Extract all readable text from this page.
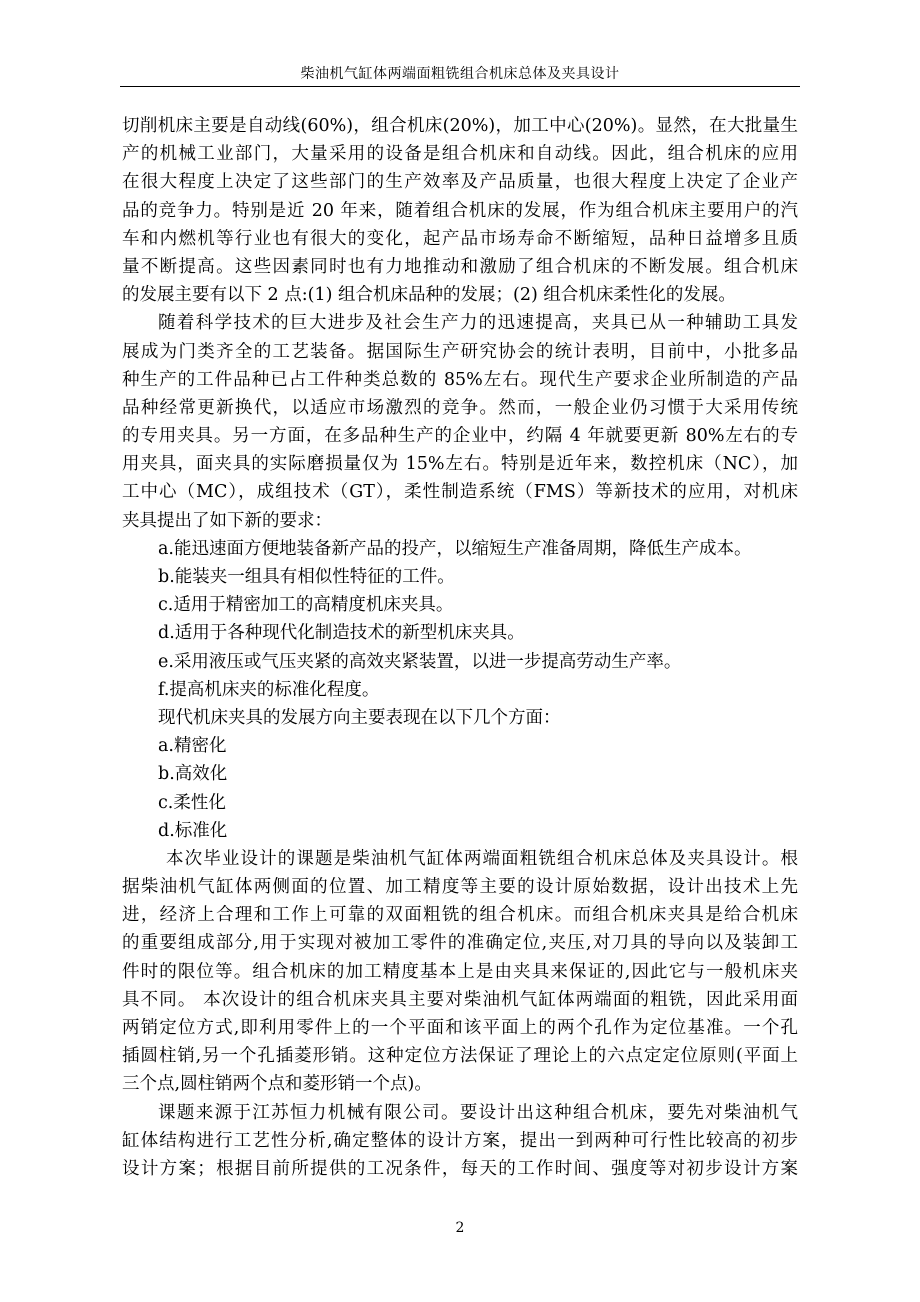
柴油机气缸体两端面粗铣组合机床总体及夹具设计
切削机床主要是自动线(60%)，组合机床(20%)，加工中心(20%)。显然，在大批量生
产的机械工业部门，大量采用的设备是组合机床和自动线。因此，组合机床的应用
在很大程度上决定了这些部门的生产效率及产品质量，也很大程度上决定了企业产
品的竞争力。特别是近 20 年来，随着组合机床的发展，作为组合机床主要用户的汽
车和内燃机等行业也有很大的变化，起产品市场寿命不断缩短，品种日益增多且质
量不断提高。这些因素同时也有力地推动和激励了组合机床的不断发展。组合机床
的发展主要有以下 2 点:(1) 组合机床品种的发展；(2) 组合机床柔性化的发展。
随着科学技术的巨大进步及社会生产力的迅速提高，夹具已从一种辅助工具发
展成为门类齐全的工艺装备。据国际生产研究协会的统计表明，目前中，小批多品
种生产的工件品种已占工件种类总数的 85%左右。现代生产要求企业所制造的产品
品种经常更新换代，以适应市场激烈的竞争。然而，一般企业仍习惯于大采用传统
的专用夹具。另一方面，在多品种生产的企业中，约隔 4 年就要更新 80%左右的专
用夹具，面夹具的实际磨损量仅为 15%左右。特别是近年来，数控机床（NC），加
工中心（MC），成组技术（GT），柔性制造系统（FMS）等新技术的应用，对机床
夹具提出了如下新的要求：
a.能迅速面方便地装备新产品的投产，以缩短生产准备周期，降低生产成本。
b.能装夹一组具有相似性特征的工件。
c.适用于精密加工的高精度机床夹具。
d.适用于各种现代化制造技术的新型机床夹具。
e.采用液压或气压夹紧的高效夹紧装置，以进一步提高劳动生产率。
f.提高机床夹的标准化程度。
现代机床夹具的发展方向主要表现在以下几个方面：
a.精密化
b.高效化
c.柔性化
d.标准化
本次毕业设计的课题是柴油机气缸体两端面粗铣组合机床总体及夹具设计。根
据柴油机气缸体两侧面的位置、加工精度等主要的设计原始数据，设计出技术上先
进，经济上合理和工作上可靠的双面粗铣的组合机床。而组合机床夹具是给合机床
的重要组成部分,用于实现对被加工零件的准确定位,夹压,对刀具的导向以及装卸工
件时的限位等。组合机床的加工精度基本上是由夹具来保证的,因此它与一般机床夹
具不同。 本次设计的组合机床夹具主要对柴油机气缸体两端面的粗铣，因此采用面
两销定位方式,即利用零件上的一个平面和该平面上的两个孔作为定位基准。一个孔
插圆柱销,另一个孔插菱形销。这种定位方法保证了理论上的六点定定位原则(平面上
三个点,圆柱销两个点和菱形销一个点)。
课题来源于江苏恒力机械有限公司。要设计出这种组合机床，要先对柴油机气
缸体结构进行工艺性分析,确定整体的设计方案，提出一到两种可行性比较高的初步
设计方案；根据目前所提供的工况条件，每天的工作时间、强度等对初步设计方案
2
